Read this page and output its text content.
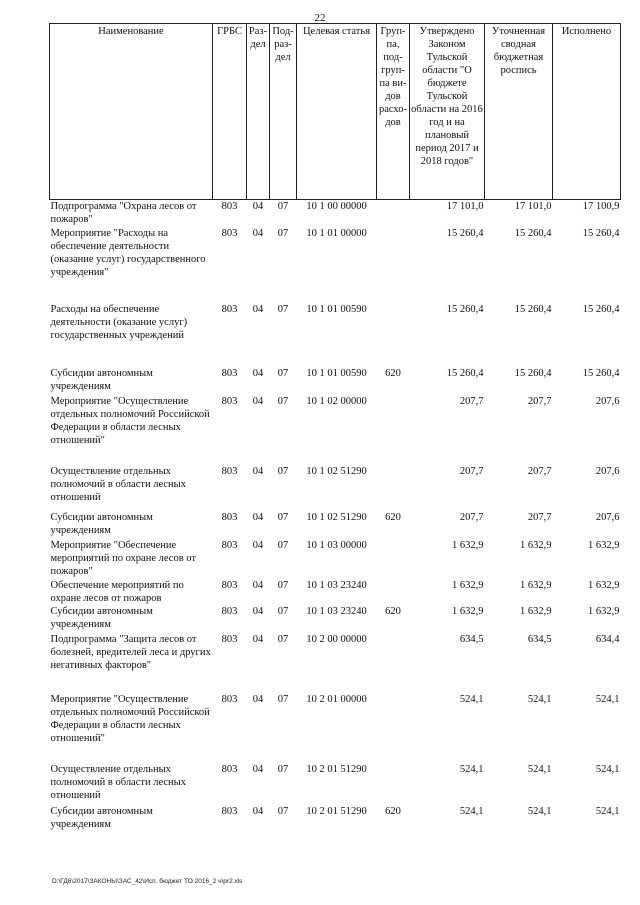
22
Наименование	ГРБС	Раз-дел	Под-раз-дел	Целевая статья	Груп-па, под-груп-па ви-дов расхо-дов	Утверждено Законом Тульской области "О бюджете Тульской области на 2016 год и на плановый период 2017 и 2018 годов"	Уточненная сводная бюджетная роспись	Исполнено
Подпрограмма "Охрана лесов от пожаров"	803	04	07	10 1 00 00000		17 101,0	17 101,0	17 100,9
Мероприятие "Расходы на обеспечение деятельности (оказание услуг) государственного учреждения"	803	04	07	10 1 01 00000		15 260,4	15 260,4	15 260,4
Расходы на обеспечение деятельности (оказание услуг) государственных учреждений	803	04	07	10 1 01 00590		15 260,4	15 260,4	15 260,4
Субсидии автономным учреждениям	803	04	07	10 1 01 00590	620	15 260,4	15 260,4	15 260,4
Мероприятие "Осуществление отдельных полномочий Российской Федерации в области лесных отношений"	803	04	07	10 1 02 00000		207,7	207,7	207,6
Осуществление отдельных полномочий в области лесных отношений	803	04	07	10 1 02 51290		207,7	207,7	207,6
Субсидии автономным учреждениям	803	04	07	10 1 02 51290	620	207,7	207,7	207,6
Мероприятие "Обеспечение мероприятий по охране лесов от пожаров"	803	04	07	10 1 03 00000		1 632,9	1 632,9	1 632,9
Обеспечение мероприятий по охране лесов от пожаров	803	04	07	10 1 03 23240		1 632,9	1 632,9	1 632,9
Субсидии автономным учреждениям	803	04	07	10 1 03 23240	620	1 632,9	1 632,9	1 632,9
Подпрограмма "Защита лесов от болезней, вредителей леса и других негативных факторов"	803	04	07	10 2 00 00000		634,5	634,5	634,4
Мероприятие "Осуществление отдельных полномочий Российской Федерации в области лесных отношений"	803	04	07	10 2 01 00000		524,1	524,1	524,1
Осуществление отдельных полномочий в области лесных отношений	803	04	07	10 2 01 51290		524,1	524,1	524,1
Субсидии автономным учреждениям	803	04	07	10 2 01 51290	620	524,1	524,1	524,1
D:\ГД6\2017\ЗАКОНЫ\ЗАС_42\Исп. бюджет ТО 2016_2 ч\pr2.xls
